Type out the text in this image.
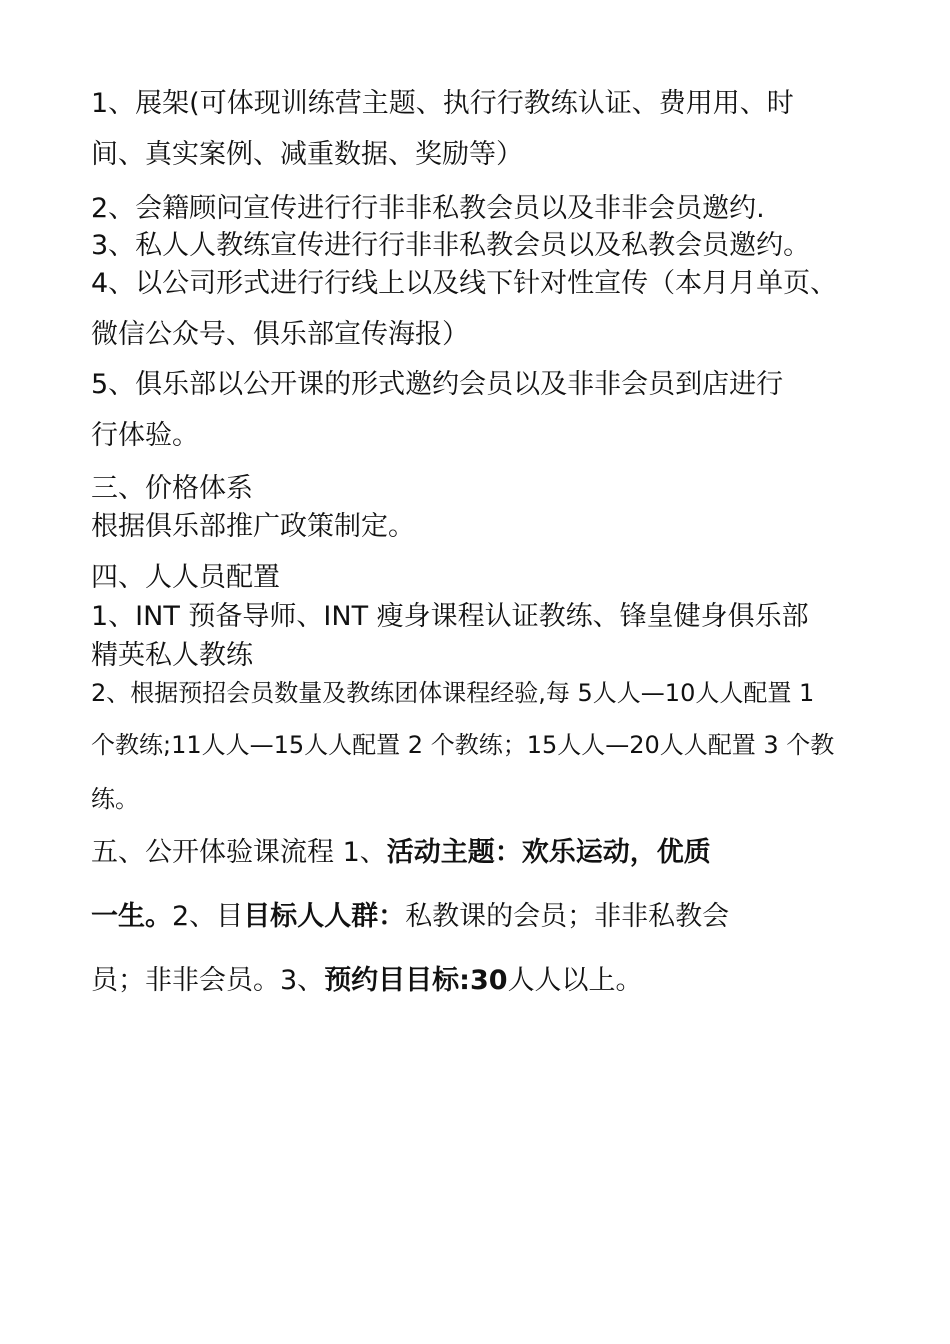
1、展架(可体现训练营主题、执行行教练认证、费用用、时
间、真实案例、减重数据、奖励等）
2、会籍顾问宣传进行行非非私教会员以及非非会员邀约.
3、私人人教练宣传进行行非非私教会员以及私教会员邀约。
4、以公司形式进行行线上以及线下针对性宣传（本月月单页、
微信公众号、俱乐部宣传海报）
5、俱乐部以公开课的形式邀约会员以及非非会员到店进行
行体验。
三、价格体系
根据俱乐部推广政策制定。
四、人人员配置
1、INT 预备导师、INT 瘦身课程认证教练、锋皇健身俱乐部
精英私人教练
2、根据预招会员数量及教练团体课程经验,每 5人人—10人人配置 1
个教练;11人人—15人人配置 2 个教练；15人人—20人人配置 3 个教
练。
五、公开体验课流程 1、活动主题：欢乐运动，优质
一生。2、目目标人人群：私教课的会员；非非私教会
员；非非会员。3、预约目目标:30人人以上。
